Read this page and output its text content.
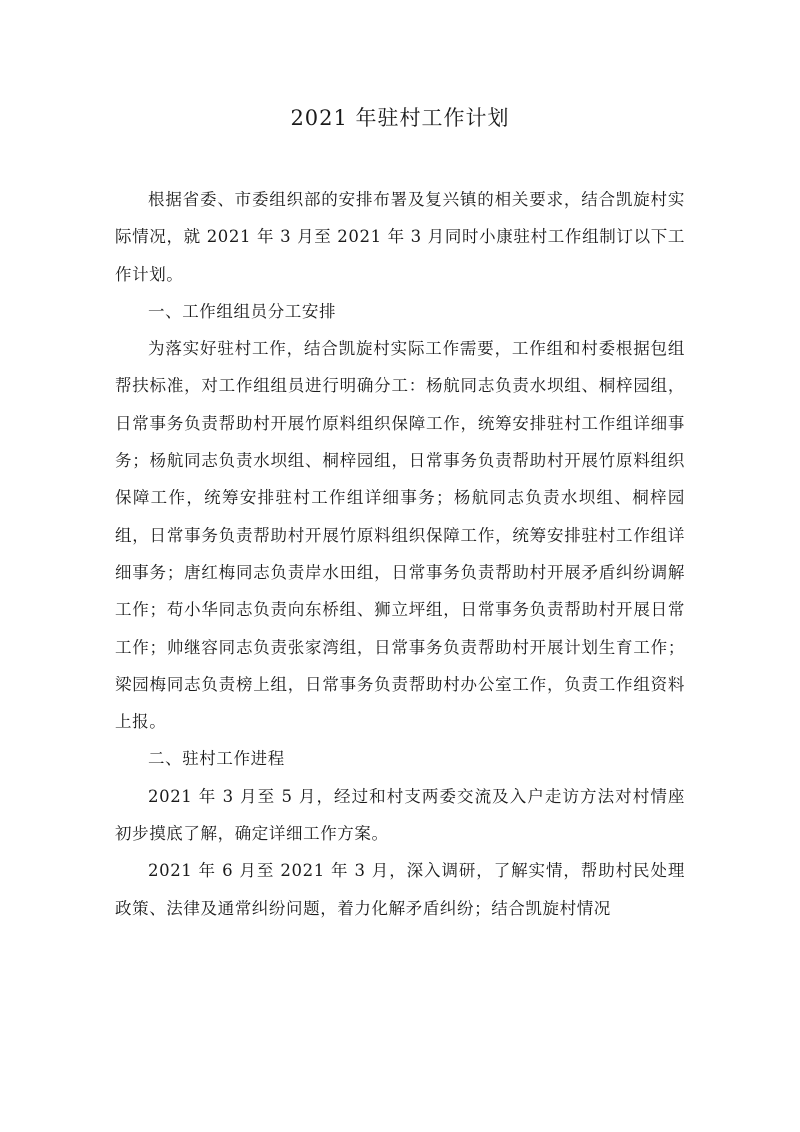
2021 年驻村工作计划

根据省委、市委组织部的安排布署及复兴镇的相关要求，结合凯旋村实际情况，就 2021 年 3 月至 2021 年 3 月同时小康驻村工作组制订以下工作计划。

一、工作组组员分工安排

为落实好驻村工作，结合凯旋村实际工作需要，工作组和村委根据包组帮扶标准，对工作组组员进行明确分工：杨航同志负责水坝组、桐梓园组，日常事务负责帮助村开展竹原料组织保障工作，统筹安排驻村工作组详细事务；杨航同志负责水坝组、桐梓园组，日常事务负责帮助村开展竹原料组织保障工作，统筹安排驻村工作组详细事务；杨航同志负责水坝组、桐梓园组，日常事务负责帮助村开展竹原料组织保障工作，统筹安排驻村工作组详细事务；唐红梅同志负责岸水田组，日常事务负责帮助村开展矛盾纠纷调解工作；苟小华同志负责向东桥组、狮立坪组，日常事务负责帮助村开展日常工作；帅继容同志负责张家湾组，日常事务负责帮助村开展计划生育工作；梁园梅同志负责榜上组，日常事务负责帮助村办公室工作，负责工作组资料上报。

二、驻村工作进程

2021 年 3 月至 5 月，经过和村支两委交流及入户走访方法对村情座初步摸底了解，确定详细工作方案。

2021 年 6 月至 2021 年 3 月，深入调研，了解实情，帮助村民处理政策、法律及通常纠纷问题，着力化解矛盾纠纷；结合凯旋村情况
